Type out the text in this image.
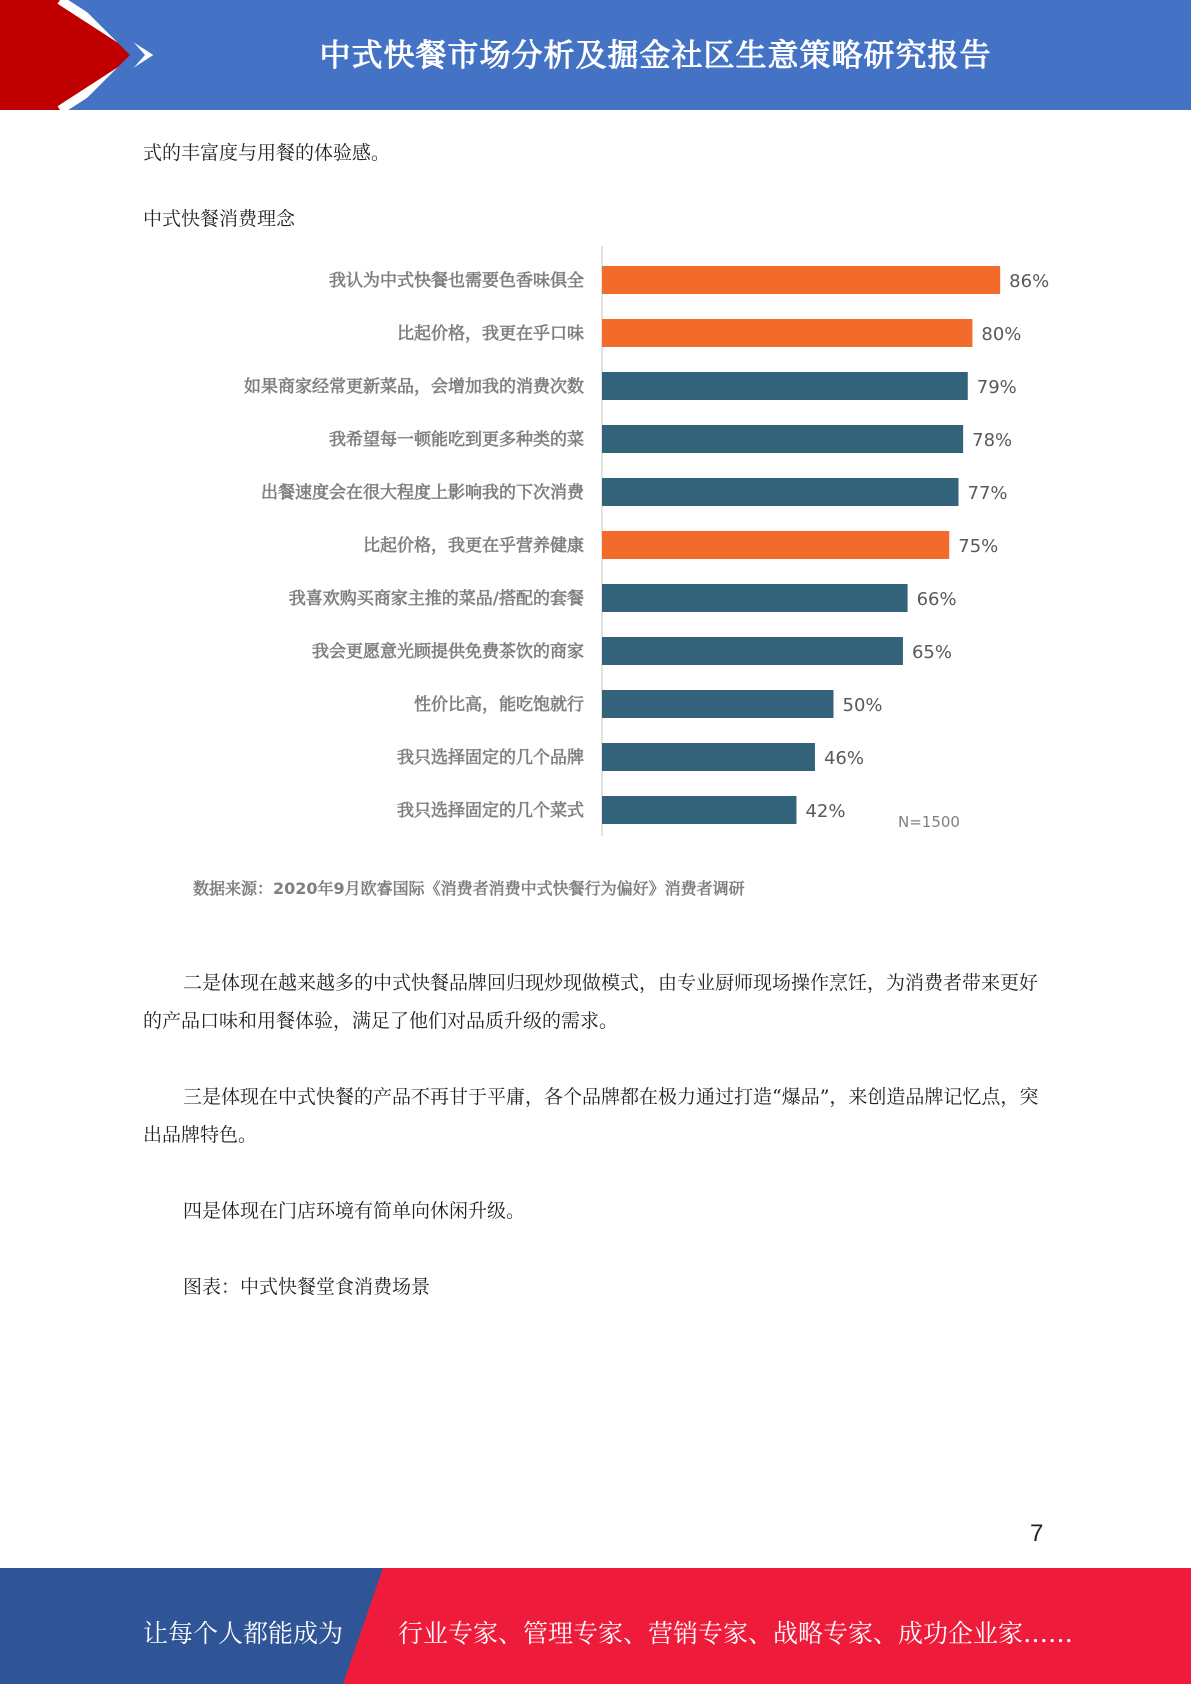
中式快餐市场分析及掘金社区生意策略研究报告

式的丰富度与用餐的体验感。

中式快餐消费理念

我认为中式快餐也需要色香味俱全	86%
比起价格，我更在乎口味	80%
如果商家经常更新菜品，会增加我的消费次数	79%
我希望每一顿能吃到更多种类的菜	78%
出餐速度会在很大程度上影响我的下次消费	77%
比起价格，我更在乎营养健康	75%
我喜欢购买商家主推的菜品/搭配的套餐	66%
我会更愿意光顾提供免费茶饮的商家	65%
性价比高，能吃饱就行	50%
我只选择固定的几个品牌	46%
我只选择固定的几个菜式	42%	N=1500
数据来源：2020年9月欧睿国际《消费者消费中式快餐行为偏好》消费者调研

二是体现在越来越多的中式快餐品牌回归现炒现做模式，由专业厨师现场操作烹饪，为消费者带来更好的产品口味和用餐体验，满足了他们对品质升级的需求。

三是体现在中式快餐的产品不再甘于平庸，各个品牌都在极力通过打造“爆品”，来创造品牌记忆点，突出品牌特色。

四是体现在门店环境有简单向休闲升级。

图表：中式快餐堂食消费场景

7
让每个人都能成为 行业专家、管理专家、营销专家、战略专家、成功企业家……
